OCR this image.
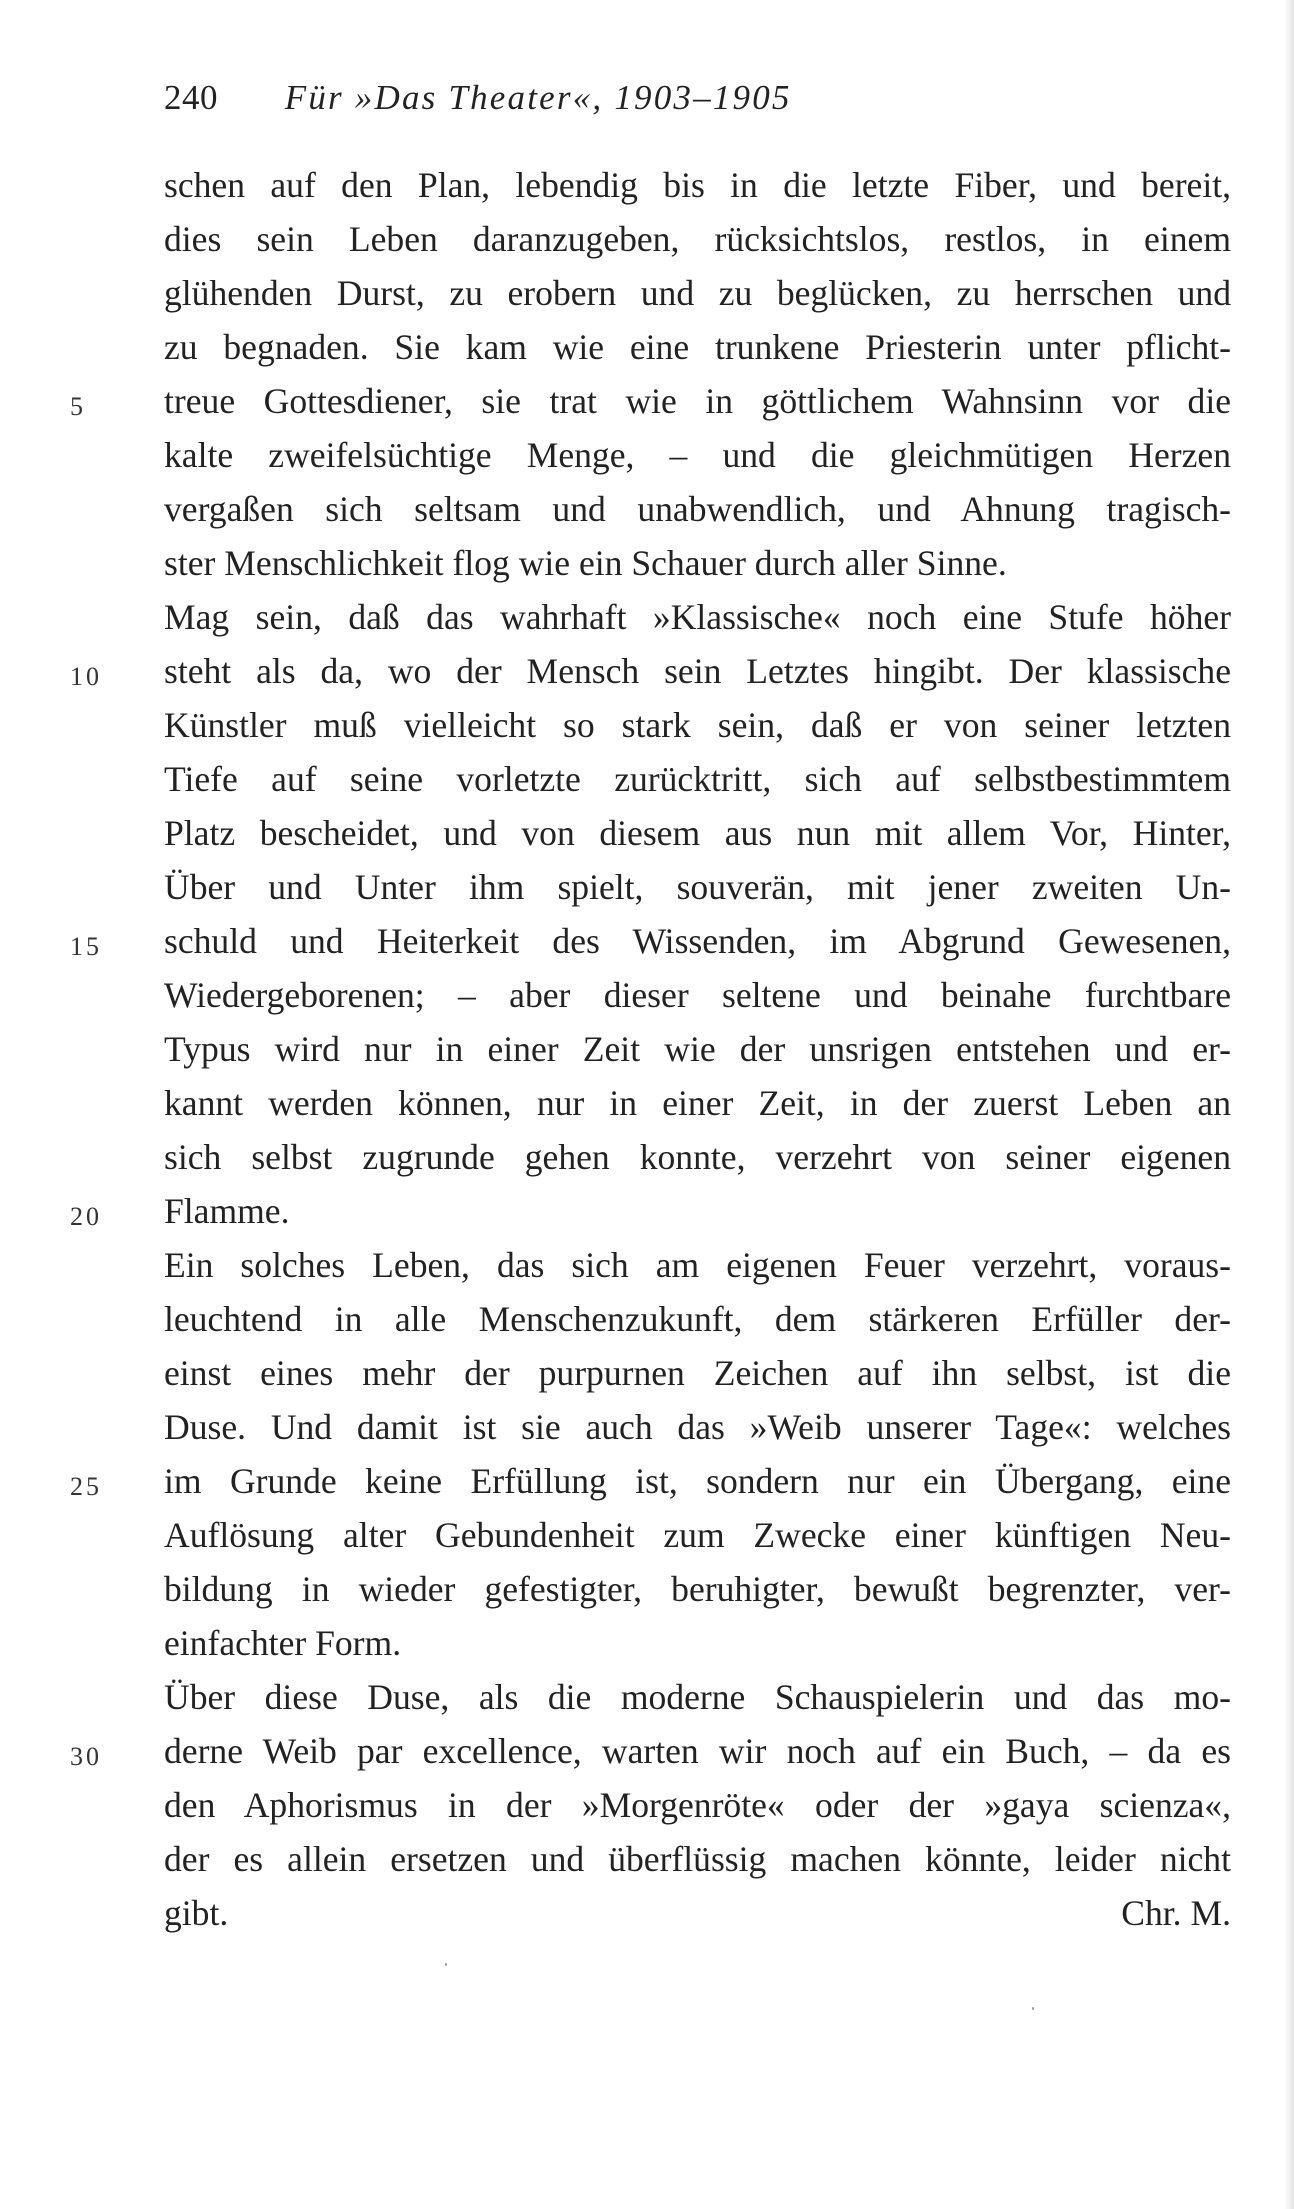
240 Für »Das Theater«, 1903–1905
schen auf den Plan, lebendig bis in die letzte Fiber, und bereit,
dies sein Leben daranzugeben, rücksichtslos, restlos, in einem
glühenden Durst, zu erobern und zu beglücken, zu herrschen und
zu begnaden. Sie kam wie eine trunkene Priesterin unter pflicht-
5	treue Gottesdiener, sie trat wie in göttlichem Wahnsinn vor die
kalte zweifelsüchtige Menge, – und die gleichmütigen Herzen
vergaßen sich seltsam und unabwendlich, und Ahnung tragisch-
ster Menschlichkeit flog wie ein Schauer durch aller Sinne.
Mag sein, daß das wahrhaft »Klassische« noch eine Stufe höher
10	steht als da, wo der Mensch sein Letztes hingibt. Der klassische
Künstler muß vielleicht so stark sein, daß er von seiner letzten
Tiefe auf seine vorletzte zurücktritt, sich auf selbstbestimmtem
Platz bescheidet, und von diesem aus nun mit allem Vor, Hinter,
Über und Unter ihm spielt, souverän, mit jener zweiten Un-
15	schuld und Heiterkeit des Wissenden, im Abgrund Gewesenen,
Wiedergeborenen; – aber dieser seltene und beinahe furchtbare
Typus wird nur in einer Zeit wie der unsrigen entstehen und er-
kannt werden können, nur in einer Zeit, in der zuerst Leben an
sich selbst zugrunde gehen konnte, verzehrt von seiner eigenen
20	Flamme.
Ein solches Leben, das sich am eigenen Feuer verzehrt, voraus-
leuchtend in alle Menschenzukunft, dem stärkeren Erfüller der-
einst eines mehr der purpurnen Zeichen auf ihn selbst, ist die
Duse. Und damit ist sie auch das »Weib unserer Tage«: welches
25	im Grunde keine Erfüllung ist, sondern nur ein Übergang, eine
Auflösung alter Gebundenheit zum Zwecke einer künftigen Neu-
bildung in wieder gefestigter, beruhigter, bewußt begrenzter, ver-
einfachter Form.
Über diese Duse, als die moderne Schauspielerin und das mo-
30	derne Weib par excellence, warten wir noch auf ein Buch, – da es
den Aphorismus in der »Morgenröte« oder der »gaya scienza«,
der es allein ersetzen und überflüssig machen könnte, leider nicht
gibt.	Chr. M.
